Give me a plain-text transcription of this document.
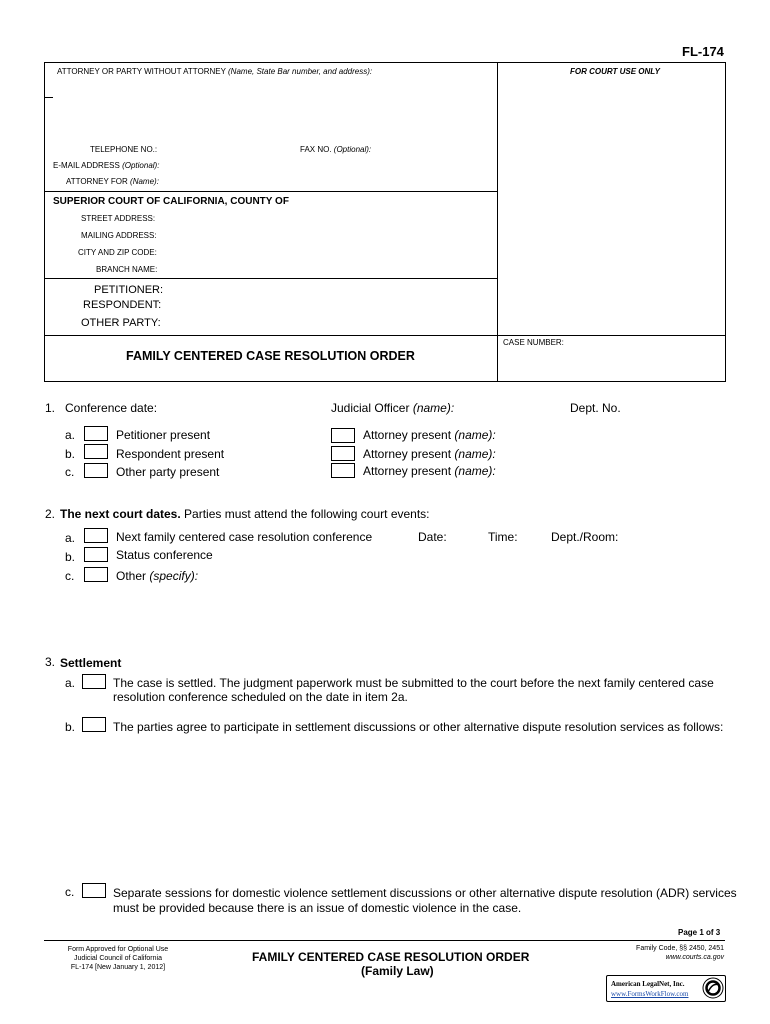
FL-174
ATTORNEY OR PARTY WITHOUT ATTORNEY (Name, State Bar number, and address):	FOR COURT USE ONLY
TELEPHONE NO.:	FAX NO. (Optional):
E-MAIL ADDRESS (Optional):
ATTORNEY FOR (Name):
SUPERIOR COURT OF CALIFORNIA, COUNTY OF
STREET ADDRESS:
MAILING ADDRESS:
CITY AND ZIP CODE:
BRANCH NAME:
PETITIONER:
RESPONDENT:
OTHER PARTY:
FAMILY CENTERED CASE RESOLUTION ORDER
CASE NUMBER:
1. Conference date:	Judicial Officer (name):	Dept. No.
a.	Petitioner present	Attorney present (name):
b.	Respondent present	Attorney present (name):
c.	Other party present	Attorney present (name):
2. The next court dates. Parties must attend the following court events:
a.	Next family centered case resolution conference	Date:	Time:	Dept./Room:
b.	Status conference
c.	Other (specify):
3. Settlement
a.	The case is settled. The judgment paperwork must be submitted to the court before the next family centered case
resolution conference scheduled on the date in item 2a.
b.	The parties agree to participate in settlement discussions or other alternative dispute resolution services as follows:
c.	Separate sessions for domestic violence settlement discussions or other alternative dispute resolution (ADR) services
must be provided because there is an issue of domestic violence in the case.
Page 1 of 3
Form Approved for Optional Use
Judicial Council of California
FL-174 [New January 1, 2012]
FAMILY CENTERED CASE RESOLUTION ORDER
(Family Law)
Family Code, §§ 2450, 2451
www.courts.ca.gov
American LegalNet, Inc.
www.FormsWorkFlow.com
